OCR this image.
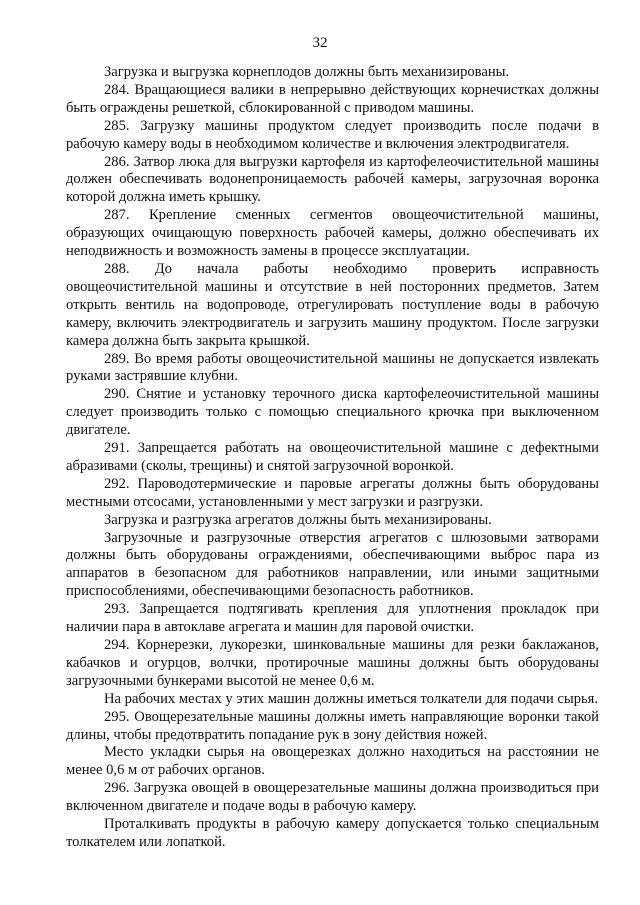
32

Загрузка и выгрузка корнеплодов должны быть механизированы.

284. Вращающиеся валики в непрерывно действующих корнечистках должны быть ограждены решеткой, сблокированной с приводом машины.

285. Загрузку машины продуктом следует производить после подачи в рабочую камеру воды в необходимом количестве и включения электродвигателя.

286. Затвор люка для выгрузки картофеля из картофелеочистительной машины должен обеспечивать водонепроницаемость рабочей камеры, загрузочная воронка которой должна иметь крышку.

287. Крепление сменных сегментов овощеочистительной машины, образующих очищающую поверхность рабочей камеры, должно обеспечивать их неподвижность и возможность замены в процессе эксплуатации.

288. До начала работы необходимо проверить исправность овощеочистительной машины и отсутствие в ней посторонних предметов. Затем открыть вентиль на водопроводе, отрегулировать поступление воды в рабочую камеру, включить электродвигатель и загрузить машину продуктом. После загрузки камера должна быть закрыта крышкой.

289. Во время работы овощеочистительной машины не допускается извлекать руками застрявшие клубни.

290. Снятие и установку терочного диска картофелеочистительной машины следует производить только с помощью специального крючка при выключенном двигателе.

291. Запрещается работать на овощеочистительной машине с дефектными абразивами (сколы, трещины) и снятой загрузочной воронкой.

292. Пароводотермические и паровые агрегаты должны быть оборудованы местными отсосами, установленными у мест загрузки и разгрузки.

Загрузка и разгрузка агрегатов должны быть механизированы.

Загрузочные и разгрузочные отверстия агрегатов с шлюзовыми затворами должны быть оборудованы ограждениями, обеспечивающими выброс пара из аппаратов в безопасном для работников направлении, или иными защитными приспособлениями, обеспечивающими безопасность работников.

293. Запрещается подтягивать крепления для уплотнения прокладок при наличии пара в автоклаве агрегата и машин для паровой очистки.

294. Корнерезки, лукорезки, шинковальные машины для резки баклажанов, кабачков и огурцов, волчки, протирочные машины должны быть оборудованы загрузочными бункерами высотой не менее 0,6 м.

На рабочих местах у этих машин должны иметься толкатели для подачи сырья.

295. Овощерезательные машины должны иметь направляющие воронки такой длины, чтобы предотвратить попадание рук в зону действия ножей.

Место укладки сырья на овощерезках должно находиться на расстоянии не менее 0,6 м от рабочих органов.

296. Загрузка овощей в овощерезательные машины должна производиться при включенном двигателе и подаче воды в рабочую камеру.

Проталкивать продукты в рабочую камеру допускается только специальным толкателем или лопаткой.
